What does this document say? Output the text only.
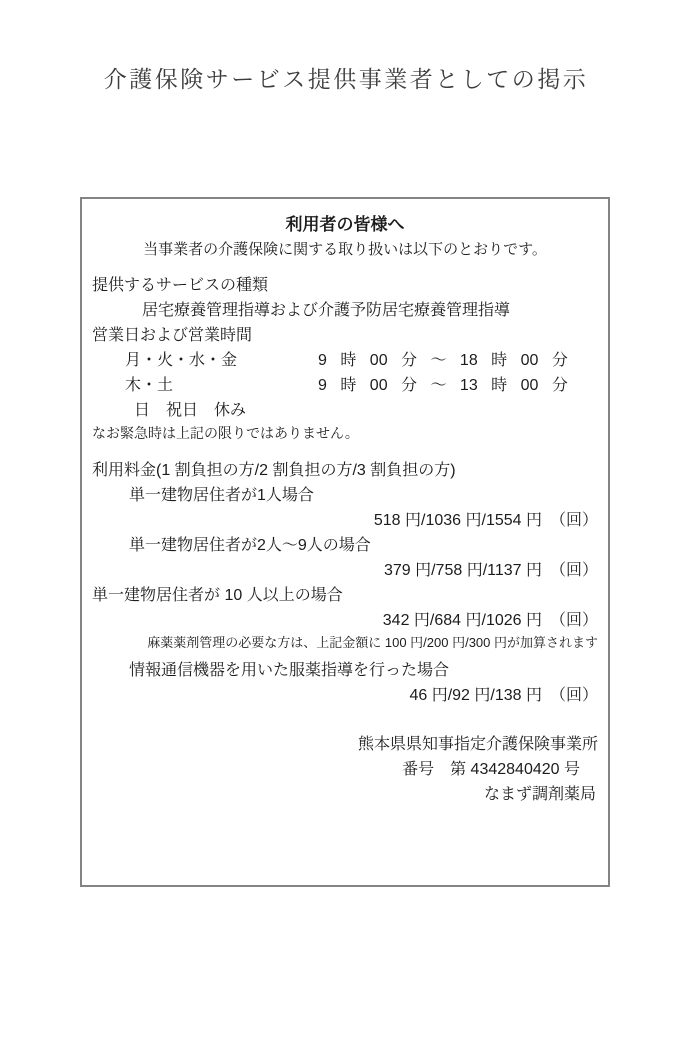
介護保険サービス提供事業者としての掲示
利用者の皆様へ
当事業者の介護保険に関する取り扱いは以下のとおりです。
提供するサービスの種類
居宅療養管理指導および介護予防居宅療養管理指導
営業日および営業時間
月・火・水・金	9 時 00 分 ～ 18 時 00 分
木・土	9 時 00 分 ～ 13 時 00 分
日　祝日　休み
なお緊急時は上記の限りではありません。
利用料金(1 割負担の方/2 割負担の方/3 割負担の方)
単一建物居住者が1人場合
518 円/1036 円/1554 円　（回）
単一建物居住者が2人～9人の場合
379 円/758 円/1137 円　（回）
単一建物居住者が 10 人以上の場合
342 円/684 円/1026 円　（回）
麻薬薬剤管理の必要な方は、上記金額に 100 円/200 円/300 円が加算されます
情報通信機器を用いた服薬指導を行った場合
46 円/92 円/138 円　（回）
熊本県県知事指定介護保険事業所
番号　第 4342840420 号
なまず調剤薬局
